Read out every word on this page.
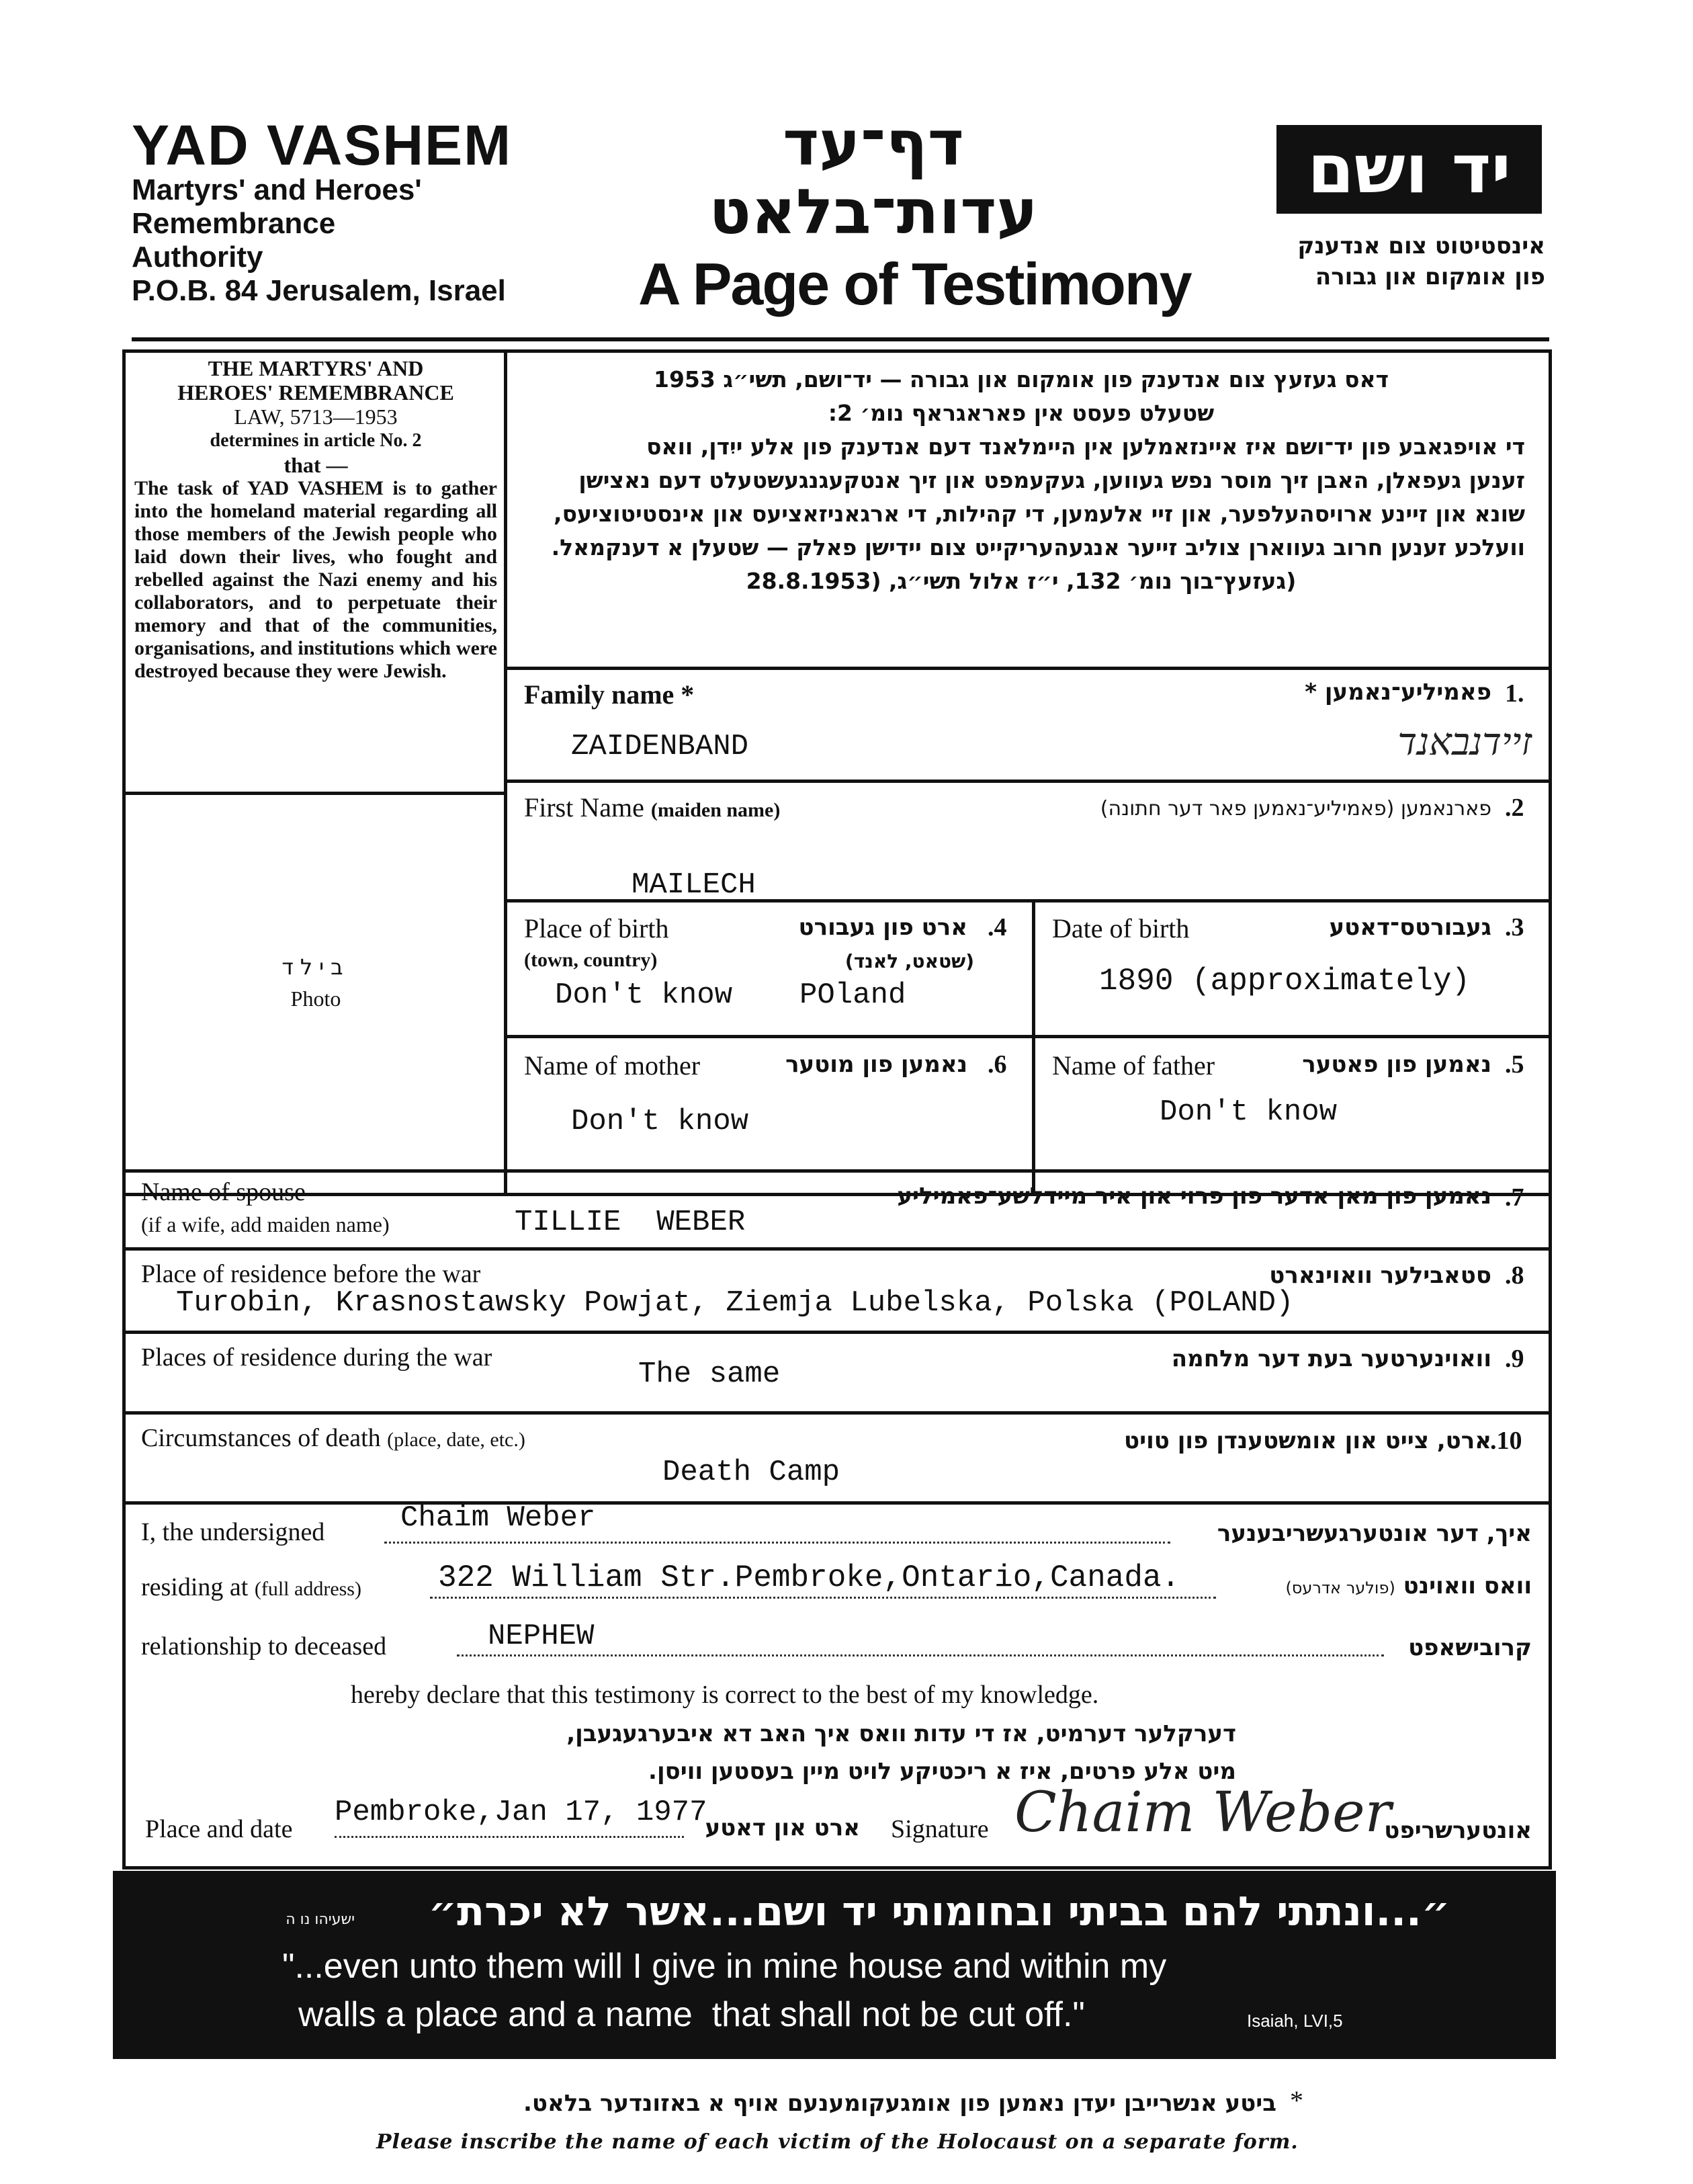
YAD VASHEM
Martyrs' and Heroes'
Remembrance
Authority
P.O.B. 84 Jerusalem, Israel
דף־עד
עדות־בלאט
A Page of Testimony
יד ושם
אינסטיטוט צום אנדענק
פון אומקום און גבורה
THE MARTYRS' AND
HEROES' REMEMBRANCE
LAW, 5713—1953
determines in article No. 2
that —
The task of YAD VASHEM is to gather into the homeland material regarding all those members of the Jewish people who laid down their lives, who fought and rebelled against the Nazi enemy and his collaborators, and to perpetuate their memory and that of the communities, organisations, and institutions which were destroyed because they were Jewish.
בילד
Photo
דאס געזעץ צום אנדענק פון אומקום און גבורה — יד־ושם, תשי״ג 1953
שטעלט פעסט אין פאראגראף נומ׳ 2:
די אויפגאבע פון יד־ושם איז איינזאמלען אין היימלאנד דעם אנדענק פון אלע ייִדן, וואס
זענען געפאלן, האבן זיך מוסר נפש געווען, געקעמפט און זיך אנטקעגנגעשטעלט דעם נאצישן
שונא און זיינע ארויסהעלפער, און זיי אלעמען, די קהילות, די ארגאניזאציעס און אינסטיטוציעס,
וועלכע זענען חרוב געווארן צוליב זייער אנגעהעריקייט צום יידישן פאלק — שטעלן א דענקמאל.
(געזעץ־בוך נומ׳ 132, י״ז אלול תשי״ג, (28.8.1953
Family name *	.1
פאמיליע־נאמען *
ZAIDENBAND	זיידנבאנד
First Name (maiden name)	.2
פארנאמען (פאמיליע־נאמען פאר דער חתונה)
MAILECH
Place of birth	ארט פון געבורט .4
(town, country)	(שטאט, לאנד)
Don't know POland
Date of birth	געבורטס־דאטע .3
1890 (approximately)
Name of mother	נאמען פון מוטער .6
Don't know
Name of father	נאמען פון פאטער .5
Don't know
Name of spouse
(if a wife, add maiden name)	TILLIE  WEBER
נאמען פון מאן אדער פון פרוי און איר מיידלשע־פאמיליע .7
Place of residence before the war	סטאבילער וואוינארט .8
Turobin, Krasnostawsky Powjat, Ziemja Lubelska, Polska (POLAND)
Places of residence during the war	The same	וואוינערטער בעת דער מלחמה .9
Circumstances of death (place, date, etc.)
Death Camp
ארט, צייט און אומשטענדן פון טויט
.10
I, the undersigned	Chaim Weber	איך, דער אונטערגעשריבענער
residing at (full address) 322 William Str.Pembroke,Ontario,Canada.	וואס וואוינט (פולער אדרעס)
relationship to deceased	NEPHEW	קרובישאפט
hereby declare that this testimony is correct to the best of my knowledge.
דערקלער דערמיט, אז די עדות וואס איך האב דא איבערגעגעבן,
מיט אלע פרטים, איז א ריכטיקע לויט מיין בעסטען וויסן.
Place and date Pembroke,Jan 17, 1977
ארט און דאטע Signature Chaim Weber
אונטערשריפט
ישעיהו נו ה	״...ונתתי להם בביתי ובחומותי יד ושם...אשר לא יכרת״
"...even unto them will I give in mine house and within my
walls a place and a name  that shall not be cut off."	Isaiah, LVI,5
*
ביטע אנשרייבן יעדן נאמען פון אומגעקומענעם אויף א באזונדער בלאט.
Please inscribe the name of each victim of the Holocaust on a separate form.
